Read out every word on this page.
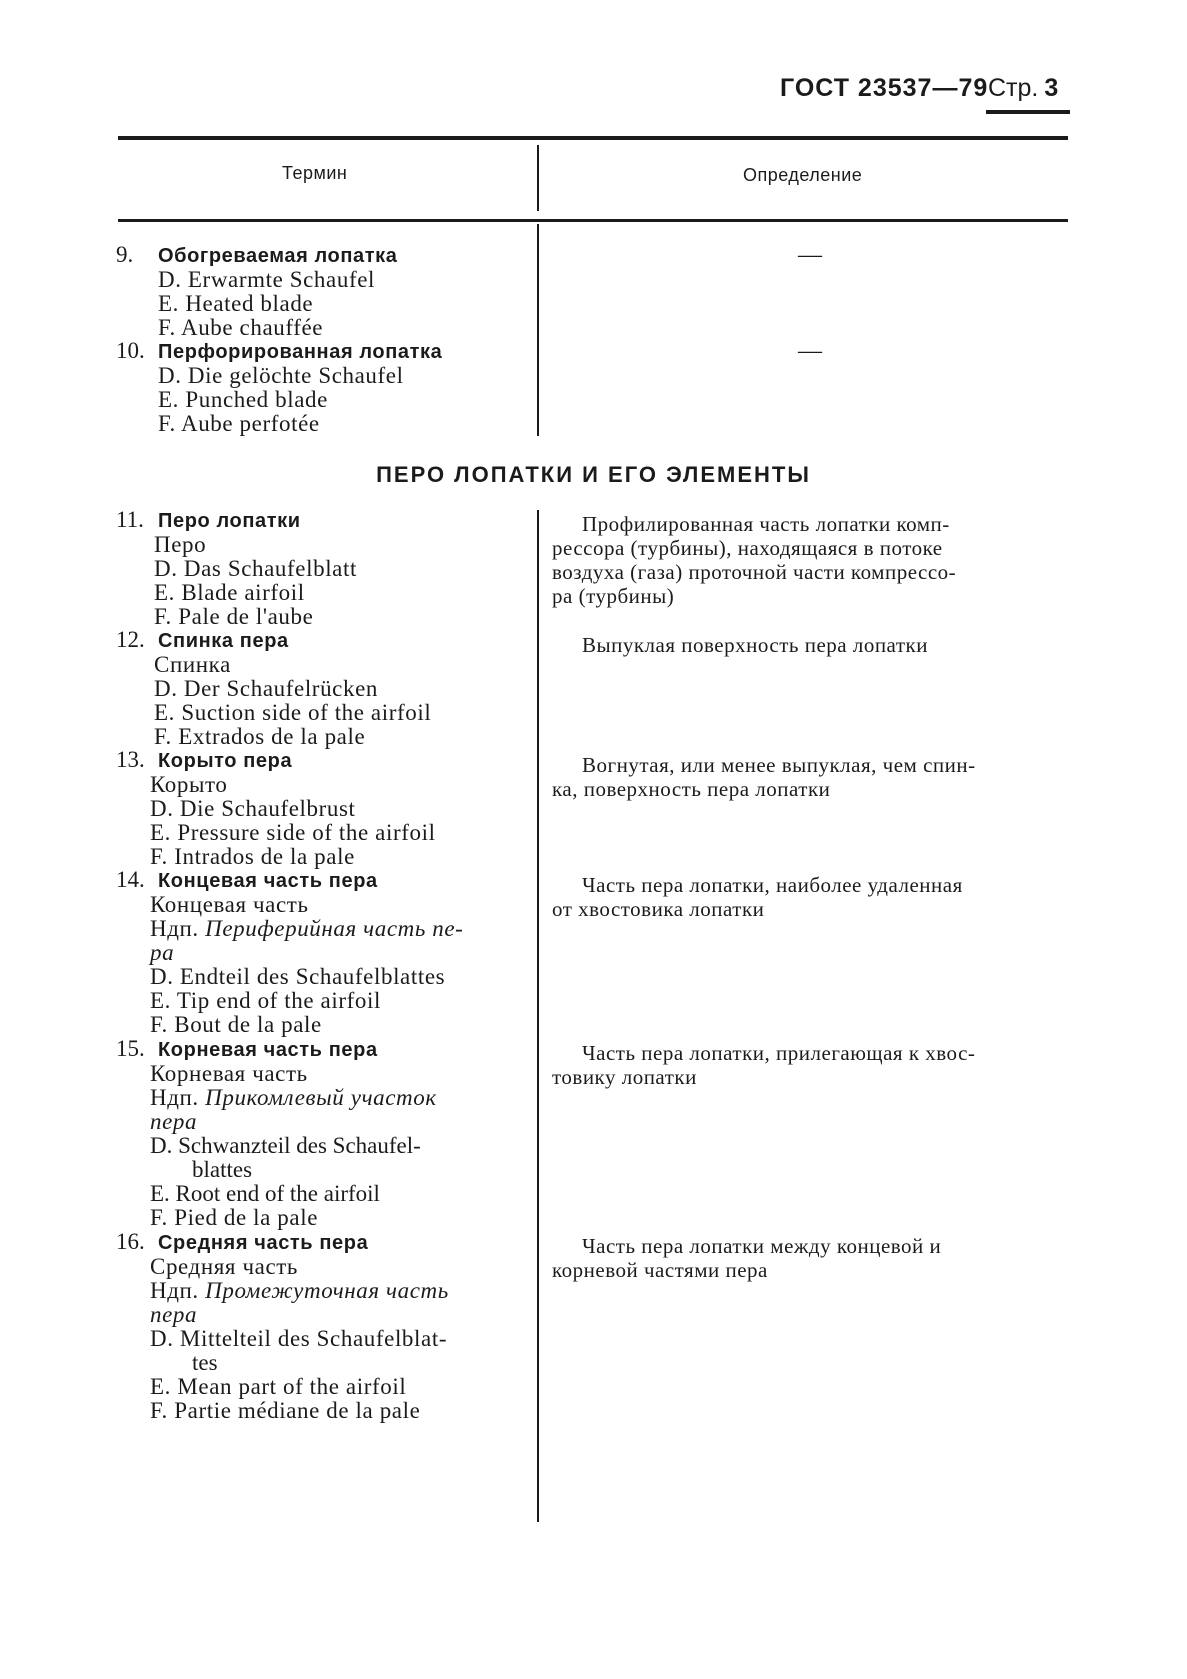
ГОСТ 23537—79 Стр. 3
Термин	Определение
9. Обогреваемая лопатка
D. Erwarmte Schaufel
E. Heated blade
F. Aube chauffée
—
10. Перфорированная лопатка
D. Die gelöchte Schaufel
E. Punched blade
F. Aube perfotée
—
ПЕРО ЛОПАТКИ И ЕГО ЭЛЕМЕНТЫ
11. Перо лопатки
Перо
D. Das Schaufelblatt
E. Blade airfoil
F. Pale de l'aube
Профилированная часть лопатки комп-
рессора (турбины), находящаяся в потоке
воздуха (газа) проточной части компрессо-
ра (турбины)
12. Спинка пера
Спинка
D. Der Schaufelrücken
E. Suction side of the airfoil
F. Extrados de la pale
Выпуклая поверхность пера лопатки
13. Корыто пера
Корыто
D. Die Schaufelbrust
E. Pressure side of the airfoil
F. Intrados de la pale
Вогнутая, или менее выпуклая, чем спин-
ка, поверхность пера лопатки
14. Концевая часть пера
Концевая часть
Ндп. Периферийная часть пе-
ра
D. Endteil des Schaufelblattes
E. Tip end of the airfoil
F. Bout de la pale
Часть пера лопатки, наиболее удаленная
от хвостовика лопатки
15. Корневая часть пера
Корневая часть
Ндп. Прикомлевый участок
пера
D. Schwanzteil des Schaufel-
blattes
E. Root end of the airfoil
F. Pied de la pale
Часть пера лопатки, прилегающая к хвос-
товику лопатки
16. Средняя часть пера
Средняя часть
Ндп. Промежуточная часть
пера
D. Mittelteil des Schaufelblat-
tes
E. Mean part of the airfoil
F. Partie médiane de la pale
Часть пера лопатки между концевой и
корневой частями пера
